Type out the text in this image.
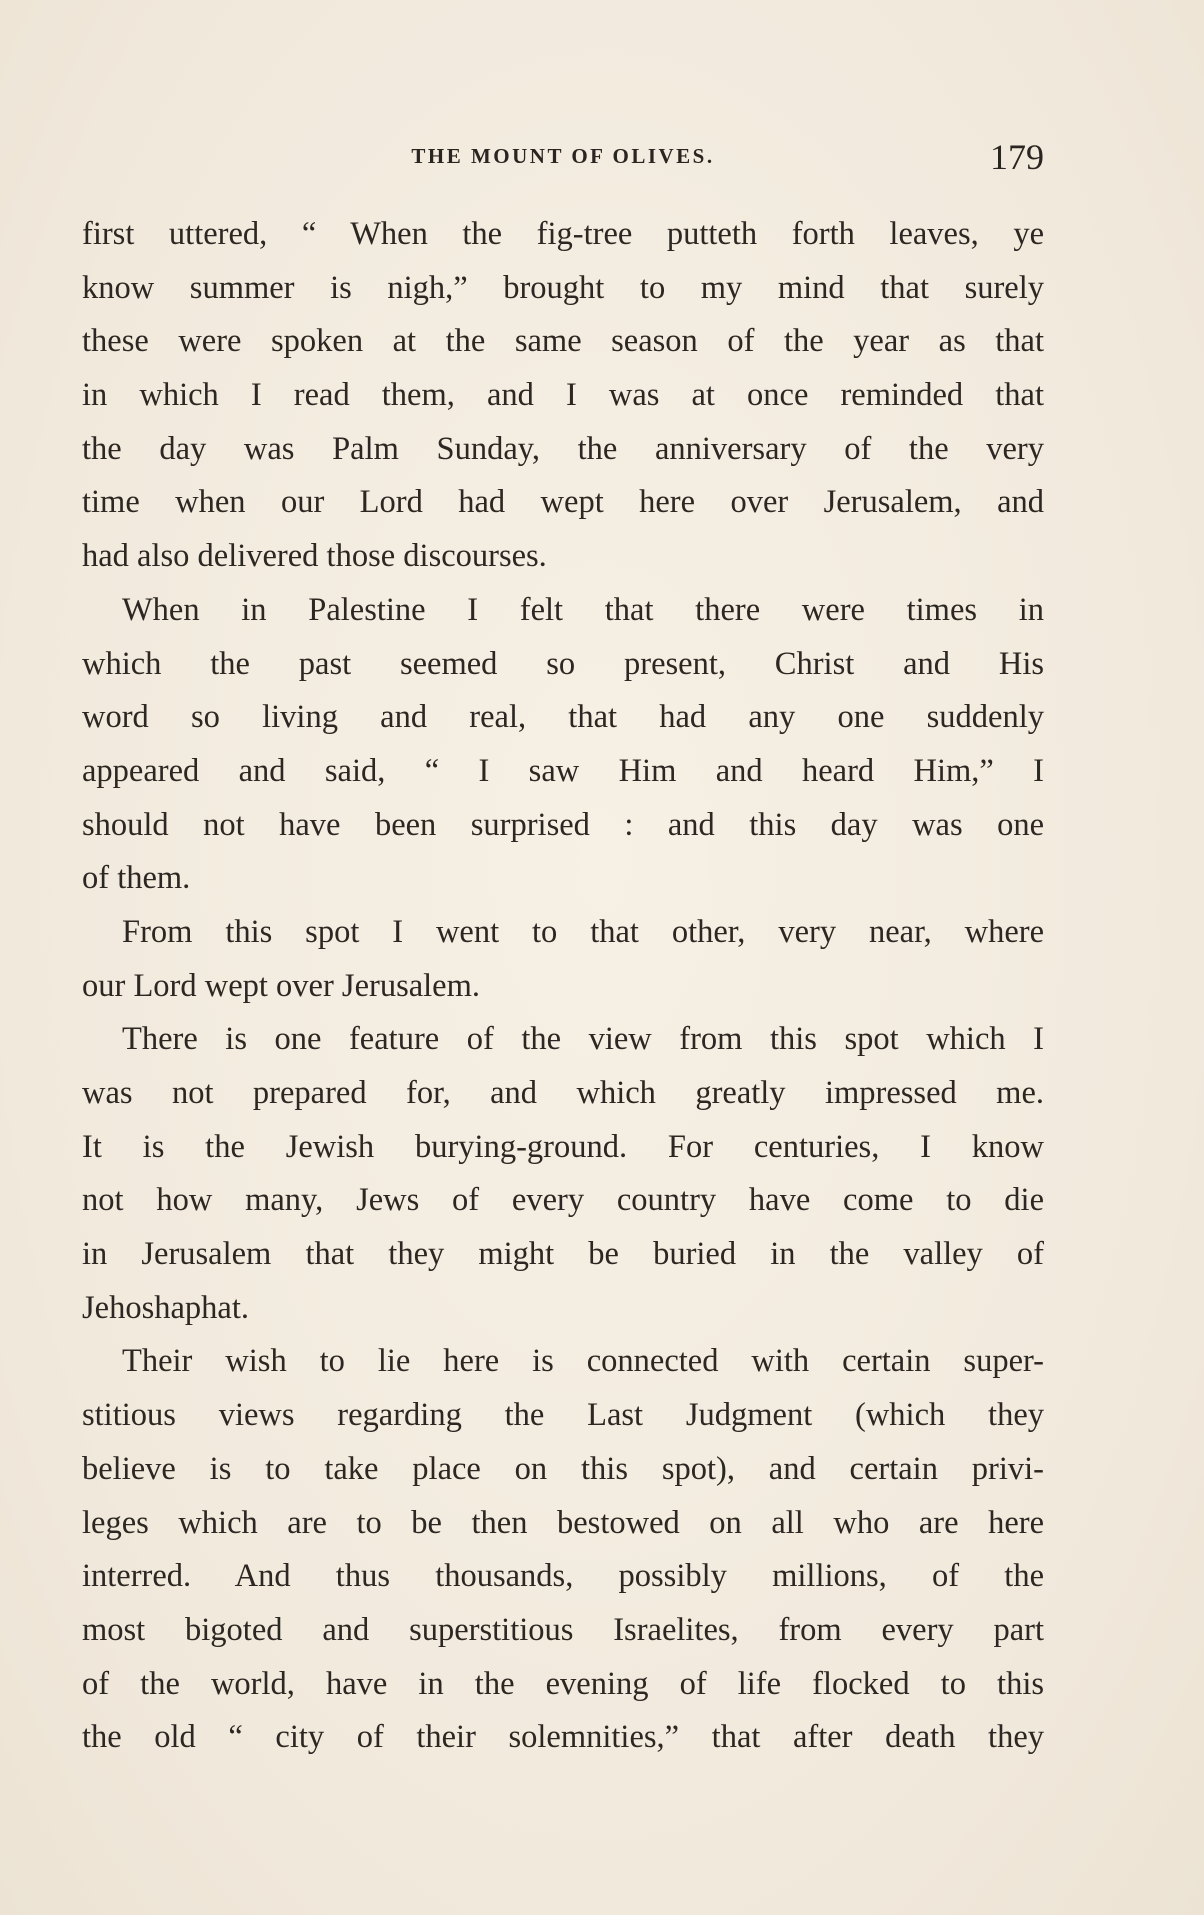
THE MOUNT OF OLIVES.	179
first uttered, “ When the fig-tree putteth forth leaves, ye
know summer is nigh,” brought to my mind that surely
these were spoken at the same season of the year as that
in which I read them, and I was at once reminded that
the day was Palm Sunday, the anniversary of the very
time when our Lord had wept here over Jerusalem, and
had also delivered those discourses.
When in Palestine I felt that there were times in
which the past seemed so present, Christ and His
word so living and real, that had any one suddenly
appeared and said, “ I saw Him and heard Him,” I
should not have been surprised : and this day was one
of them.
From this spot I went to that other, very near, where
our Lord wept over Jerusalem.
There is one feature of the view from this spot which I
was not prepared for, and which greatly impressed me.
It is the Jewish burying-ground. For centuries, I know
not how many, Jews of every country have come to die
in Jerusalem that they might be buried in the valley of
Jehoshaphat.
Their wish to lie here is connected with certain super-
stitious views regarding the Last Judgment (which they
believe is to take place on this spot), and certain privi-
leges which are to be then bestowed on all who are here
interred. And thus thousands, possibly millions, of the
most bigoted and superstitious Israelites, from every part
of the world, have in the evening of life flocked to this
the old “ city of their solemnities,” that after death they
